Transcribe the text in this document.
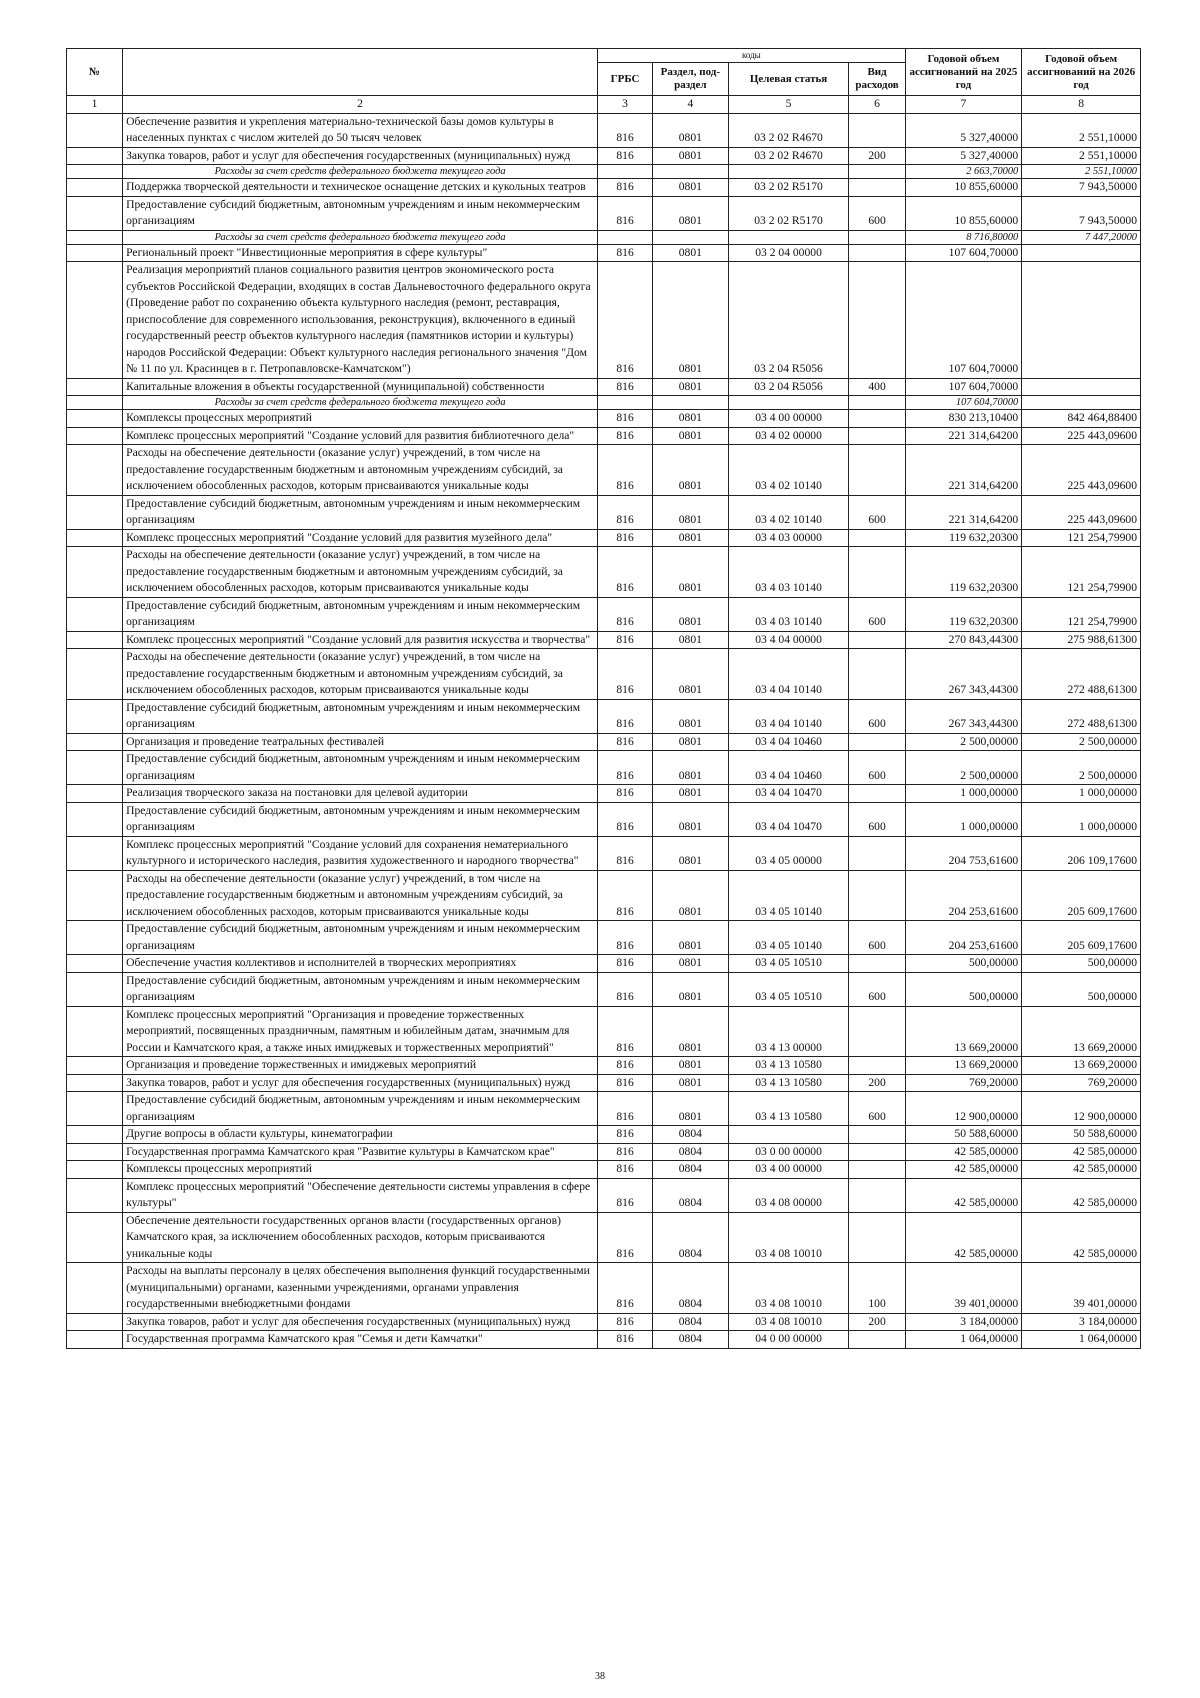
№		коды				Годовой объем ассигнований на 2025 год	Годовой объем ассигнований на 2026 год
		ГРБС	Раздел, под-раздел	Целевая статья	Вид расходов		
1	2	3	4	5	6	7	8
	Обеспечение развития и укрепления материально-технической базы домов культуры в населенных пунктах с числом жителей до 50 тысяч человек	816	0801	03 2 02 R4670		5 327,40000	2 551,10000
	Закупка товаров, работ и услуг для обеспечения государственных (муниципальных) нужд	816	0801	03 2 02 R4670	200	5 327,40000	2 551,10000
	Расходы за счет средств федерального бюджета текущего года					2 663,70000	2 551,10000
	Поддержка творческой деятельности и техническое оснащение детских и кукольных театров	816	0801	03 2 02 R5170		10 855,60000	7 943,50000
	Предоставление субсидий бюджетным, автономным учреждениям и иным некоммерческим организациям	816	0801	03 2 02 R5170	600	10 855,60000	7 943,50000
	Расходы за счет средств федерального бюджета текущего года					8 716,80000	7 447,20000
	Региональный проект "Инвестиционные мероприятия в сфере культуры"	816	0801	03 2 04 00000		107 604,70000	
	Реализация мероприятий планов социального развития центров экономического роста субъектов Российской Федерации, входящих в состав Дальневосточного федерального округа (Проведение работ по сохранению объекта культурного наследия (ремонт, реставрация, приспособление для современного использования, реконструкция), включенного в единый государственный реестр объектов культурного наследия (памятников истории и культуры) народов Российской Федерации: Объект культурного наследия регионального значения "Дом № 11 по ул. Красинцев в г. Петропавловске-Камчатском")	816	0801	03 2 04 R5056		107 604,70000	
	Капитальные вложения в объекты государственной (муниципальной) собственности	816	0801	03 2 04 R5056	400	107 604,70000	
	Расходы за счет средств федерального бюджета текущего года					107 604,70000	
	Комплексы процессных мероприятий	816	0801	03 4 00 00000		830 213,10400	842 464,88400
	Комплекс процессных мероприятий "Создание условий для развития библиотечного дела"	816	0801	03 4 02 00000		221 314,64200	225 443,09600
	Расходы на обеспечение деятельности (оказание услуг) учреждений, в том числе на предоставление государственным бюджетным и автономным учреждениям субсидий, за исключением обособленных расходов, которым присваиваются уникальные коды	816	0801	03 4 02 10140		221 314,64200	225 443,09600
	Предоставление субсидий бюджетным, автономным учреждениям и иным некоммерческим организациям	816	0801	03 4 02 10140	600	221 314,64200	225 443,09600
	Комплекс процессных мероприятий "Создание условий для развития музейного дела"	816	0801	03 4 03 00000		119 632,20300	121 254,79900
	Расходы на обеспечение деятельности (оказание услуг) учреждений, в том числе на предоставление государственным бюджетным и автономным учреждениям субсидий, за исключением обособленных расходов, которым присваиваются уникальные коды	816	0801	03 4 03 10140		119 632,20300	121 254,79900
	Предоставление субсидий бюджетным, автономным учреждениям и иным некоммерческим организациям	816	0801	03 4 03 10140	600	119 632,20300	121 254,79900
	Комплекс процессных мероприятий "Создание условий для развития искусства и творчества"	816	0801	03 4 04 00000		270 843,44300	275 988,61300
	Расходы на обеспечение деятельности (оказание услуг) учреждений, в том числе на предоставление государственным бюджетным и автономным учреждениям субсидий, за исключением обособленных расходов, которым присваиваются уникальные коды	816	0801	03 4 04 10140		267 343,44300	272 488,61300
	Предоставление субсидий бюджетным, автономным учреждениям и иным некоммерческим организациям	816	0801	03 4 04 10140	600	267 343,44300	272 488,61300
	Организация и проведение театральных фестивалей	816	0801	03 4 04 10460		2 500,00000	2 500,00000
	Предоставление субсидий бюджетным, автономным учреждениям и иным некоммерческим организациям	816	0801	03 4 04 10460	600	2 500,00000	2 500,00000
	Реализация творческого заказа на постановки для целевой аудитории	816	0801	03 4 04 10470		1 000,00000	1 000,00000
	Предоставление субсидий бюджетным, автономным учреждениям и иным некоммерческим организациям	816	0801	03 4 04 10470	600	1 000,00000	1 000,00000
	Комплекс процессных мероприятий "Создание условий для сохранения нематериального культурного и исторического наследия, развития художественного и народного творчества"	816	0801	03 4 05 00000		204 753,61600	206 109,17600
	Расходы на обеспечение деятельности (оказание услуг) учреждений, в том числе на предоставление государственным бюджетным и автономным учреждениям субсидий, за исключением обособленных расходов, которым присваиваются уникальные коды	816	0801	03 4 05 10140		204 253,61600	205 609,17600
	Предоставление субсидий бюджетным, автономным учреждениям и иным некоммерческим организациям	816	0801	03 4 05 10140	600	204 253,61600	205 609,17600
	Обеспечение участия коллективов и исполнителей в творческих мероприятиях	816	0801	03 4 05 10510		500,00000	500,00000
	Предоставление субсидий бюджетным, автономным учреждениям и иным некоммерческим организациям	816	0801	03 4 05 10510	600	500,00000	500,00000
	Комплекс процессных мероприятий "Организация и проведение торжественных мероприятий, посвященных праздничным, памятным и юбилейным датам, значимым для России и Камчатского края, а также иных имиджевых и торжественных мероприятий"	816	0801	03 4 13 00000		13 669,20000	13 669,20000
	Организация и проведение торжественных и имиджевых мероприятий	816	0801	03 4 13 10580		13 669,20000	13 669,20000
	Закупка товаров, работ и услуг для обеспечения государственных (муниципальных) нужд	816	0801	03 4 13 10580	200	769,20000	769,20000
	Предоставление субсидий бюджетным, автономным учреждениям и иным некоммерческим организациям	816	0801	03 4 13 10580	600	12 900,00000	12 900,00000
	Другие вопросы в области культуры, кинематографии	816	0804			50 588,60000	50 588,60000
	Государственная программа Камчатского края "Развитие культуры в Камчатском крае"	816	0804	03 0 00 00000		42 585,00000	42 585,00000
	Комплексы процессных мероприятий	816	0804	03 4 00 00000		42 585,00000	42 585,00000
	Комплекс процессных мероприятий "Обеспечение деятельности системы управления в сфере культуры"	816	0804	03 4 08 00000		42 585,00000	42 585,00000
	Обеспечение деятельности государственных органов власти (государственных органов) Камчатского края, за исключением обособленных расходов, которым присваиваются уникальные коды	816	0804	03 4 08 10010		42 585,00000	42 585,00000
	Расходы на выплаты персоналу в целях обеспечения выполнения функций государственными (муниципальными) органами, казенными учреждениями, органами управления государственными внебюджетными фондами	816	0804	03 4 08 10010	100	39 401,00000	39 401,00000
	Закупка товаров, работ и услуг для обеспечения государственных (муниципальных) нужд	816	0804	03 4 08 10010	200	3 184,00000	3 184,00000
	Государственная программа Камчатского края "Семья и дети Камчатки"	816	0804	04 0 00 00000		1 064,00000	1 064,00000
38
